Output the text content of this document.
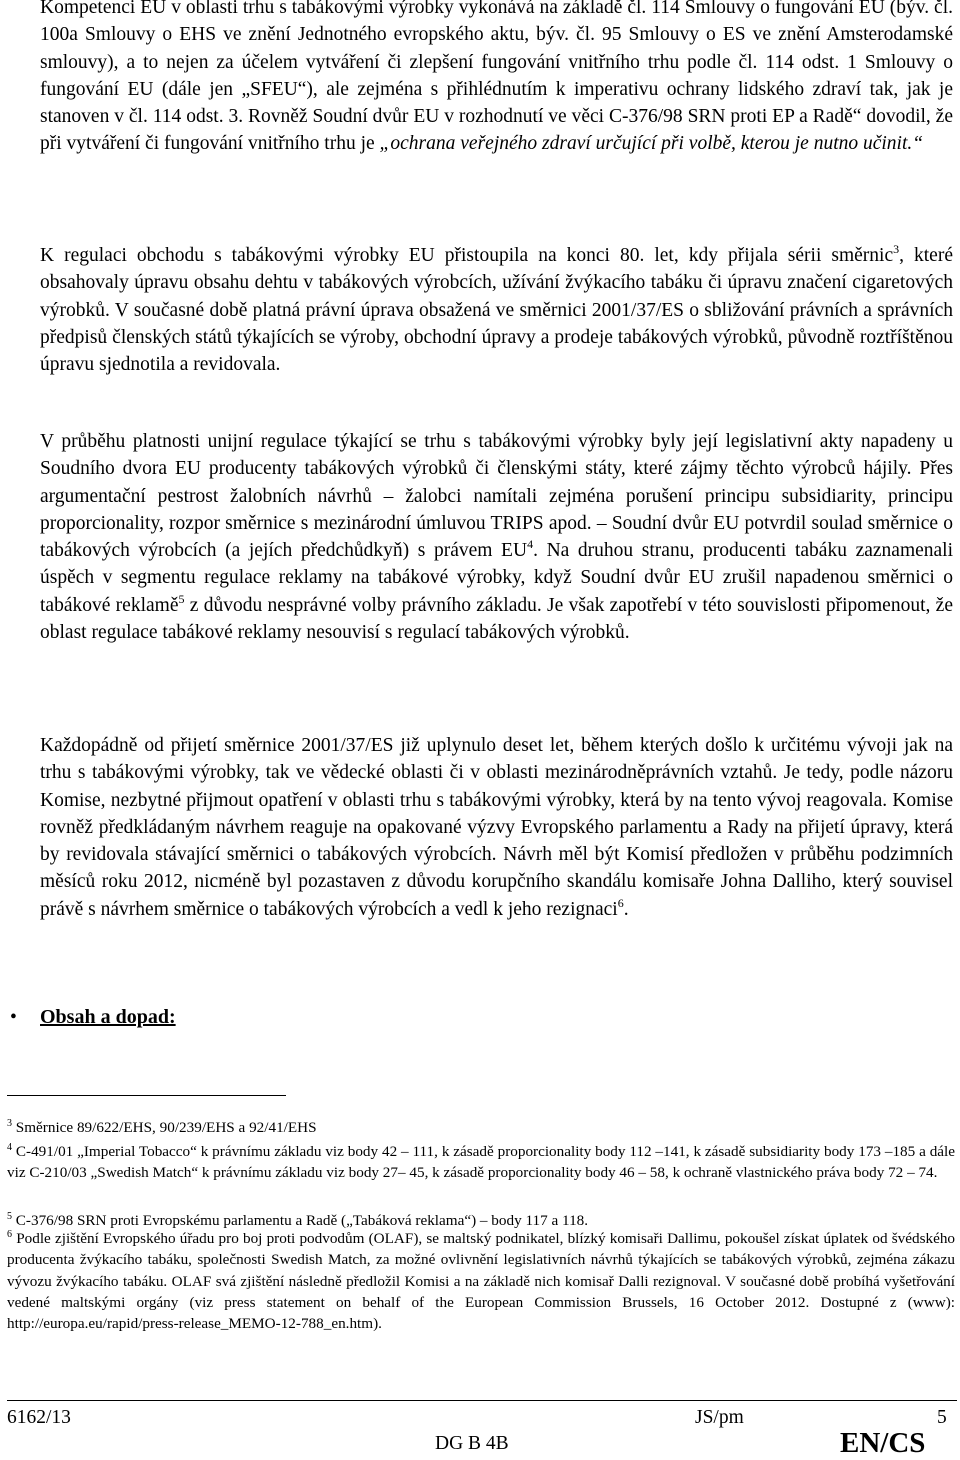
Kompetenci EU v oblasti trhu s tabákovými výrobky vykonává na základě čl. 114 Smlouvy o fungování EU (býv. čl. 100a Smlouvy o EHS ve znění Jednotného evropského aktu, býv. čl. 95 Smlouvy o ES ve znění Amsterodamské smlouvy), a to nejen za účelem vytváření či zlepšení fungování vnitřního trhu podle čl. 114 odst. 1 Smlouvy o fungování EU (dále jen „SFEU“), ale zejména s přihlédnutím k imperativu ochrany lidského zdraví tak, jak je stanoven v čl. 114 odst. 3. Rovněž Soudní dvůr EU v rozhodnutí ve věci C-376/98 SRN proti EP a Radě“ dovodil, že při vytváření či fungování vnitřního trhu je „ochrana veřejného zdraví určující při volbě, kterou je nutno učinit.“

K regulaci obchodu s tabákovými výrobky EU přistoupila na konci 80. let, kdy přijala sérii směrnic$^3$, které obsahovaly úpravu obsahu dehtu v tabákových výrobcích, užívání žvýkacího tabáku či úpravu značení cigaretových výrobků. V současné době platná právní úprava obsažená ve směrnici 2001/37/ES o sbližování právních a správních předpisů členských států týkajících se výroby, obchodní úpravy a prodeje tabákových výrobků, původně roztříštěnou úpravu sjednotila a revidovala.

V průběhu platnosti unijní regulace týkající se trhu s tabákovými výrobky byly její legislativní akty napadeny u Soudního dvora EU producenty tabákových výrobků či členskými státy, které zájmy těchto výrobců hájily. Přes argumentační pestrost žalobních návrhů – žalobci namítali zejména porušení principu subsidiarity, principu proporcionality, rozpor směrnice s mezinárodní úmluvou TRIPS apod. – Soudní dvůr EU potvrdil soulad směrnice o tabákových výrobcích (a jejích předchůdkyň) s právem $EU^4$. Na druhou stranu, producenti tabáku zaznamenali úspěch v segmentu regulace reklamy na tabákové výrobky, když Soudní dvůr EU zrušil napadenou směrnici o tabákové reklamě$^5$ z důvodu nesprávné volby právního základu. Je však zapotřebí v této souvislosti připomenout, že oblast regulace tabákové reklamy nesouvisí s regulací tabákových výrobků.

Každopádně od přijetí směrnice 2001/37/ES již uplynulo deset let, během kterých došlo k určitému vývoji jak na trhu s tabákovými výrobky, tak ve vědecké oblasti či v oblasti mezinárodněprávních vztahů. Je tedy, podle názoru Komise, nezbytné přijmout opatření v oblasti trhu s tabákovými výrobky, která by na tento vývoj reagovala. Komise rovněž předkládaným návrhem reaguje na opakované výzvy Evropského parlamentu a Rady na přijetí úpravy, která by revidovala stávající směrnici o tabákových výrobcích. Návrh měl být Komisí předložen v průběhu podzimních měsíců roku 2012, nicméně byl pozastaven z důvodu korupčního skandálu komisaře Johna Dalliho, který souvisel právě s návrhem směrnice o tabákových výrobcích a vedl k jeho rezignaci$^6$.

• Obsah a dopad:

$^3$ Směrnice 89/622/EHS, 90/239/EHS a 92/41/EHS

$^4$ C-491/01 „Imperial Tobacco“ k právnímu základu viz body 42 – 111, k zásadě proporcionality body 112 –141, k zásadě subsidiarity body 173 –185 a dále viz C-210/03 „Swedish Match“ k právnímu základu viz body 27– 45, k zásadě proporcionality body 46 – 58, k ochraně vlastnického práva body 72 – 74.

$^5$ C-376/98 SRN proti Evropskému parlamentu a Radě („Tabáková reklama“) – body 117 a 118.

$^6$ Podle zjištění Evropského úřadu pro boj proti podvodům (OLAF), se maltský podnikatel, blízký komisaři Dallimu, pokoušel získat úplatek od švédského producenta žvýkacího tabáku, společnosti Swedish Match, za možné ovlivnění legislativních návrhů týkajících se tabákových výrobků, zejména zákazu vývozu žvýkacího tabáku. OLAF svá zjištění následně předložil Komisi a na základě nich komisař Dalli rezignoval. V současné době probíhá vyšetřování vedené maltskými orgány (viz press statement on behalf of the European Commission Brussels, 16 October 2012. Dostupné z (www): http://europa.eu/rapid/press-release_MEMO-12-788_en.htm).

6162/13	JS/pm	5
DG B 4B	EN/CS
